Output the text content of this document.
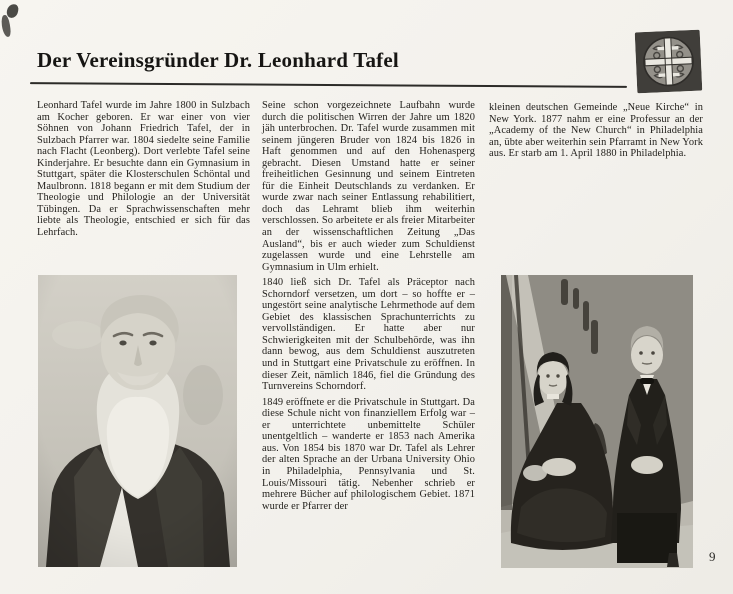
Der Vereinsgründer Dr. Leonhard Tafel

Leonhard Tafel wurde im Jahre 1800 in Sulzbach am Kocher geboren. Er war einer von vier Söhnen von Johann Friedrich Tafel, der in Sulzbach Pfarrer war. 1804 siedelte seine Familie nach Flacht (Leonberg). Dort verlebte Tafel seine Kinderjahre. Er besuchte dann ein Gymnasium in Stuttgart, später die Klosterschulen Schöntal und Maulbronn. 1818 begann er mit dem Studium der Theologie und Philologie an der Universität Tübingen. Da er Sprachwissenschaften mehr liebte als Theologie, entschied er sich für das Lehrfach.

Seine schon vorgezeichnete Laufbahn wurde durch die politischen Wirren der Jahre um 1820 jäh unterbrochen. Dr. Tafel wurde zusammen mit seinem jüngeren Bruder von 1824 bis 1826 in Haft genommen und auf den Hohenasperg gebracht. Diesen Umstand hatte er seiner freiheitlichen Gesinnung und seinem Eintreten für die Einheit Deutschlands zu verdanken. Er wurde zwar nach seiner Entlassung rehabilitiert, doch das Lehramt blieb ihm weiterhin verschlossen. So arbeitete er als freier Mitarbeiter an der wissenschaftlichen Zeitung „Das Ausland“, bis er auch wieder zum Schuldienst zugelassen wurde und eine Lehrstelle am Gymnasium in Ulm erhielt.

1840 ließ sich Dr. Tafel als Präceptor nach Schorndorf versetzen, um dort – so hoffte er – ungestört seine analytische Lehrmethode auf dem Gebiet des klassischen Sprachunterrichts zu vervollständigen. Er hatte aber nur Schwierigkeiten mit der Schulbehörde, was ihn dann bewog, aus dem Schuldienst auszutreten und in Stuttgart eine Privatschule zu eröffnen. In dieser Zeit, nämlich 1846, fiel die Gründung des Turnvereins Schorndorf.

1849 eröffnete er die Privatschule in Stuttgart. Da diese Schule nicht von finanziellem Erfolg war – er unterrichtete unbemittelte Schüler unentgeltlich – wanderte er 1853 nach Amerika aus. Von 1854 bis 1870 war Dr. Tafel als Lehrer der alten Sprache an der Urbana University Ohio in Philadelphia, Pennsylvania und St. Louis/Missouri tätig. Nebenher schrieb er mehrere Bücher auf philologischem Gebiet. 1871 wurde er Pfarrer der

kleinen deutschen Gemeinde „Neue Kirche“ in New York. 1877 nahm er eine Professur an der „Academy of the New Church“ in Philadelphia an, übte aber weiterhin sein Pfarramt in New York aus. Er starb am 1. April 1880 in Philadelphia.

9
